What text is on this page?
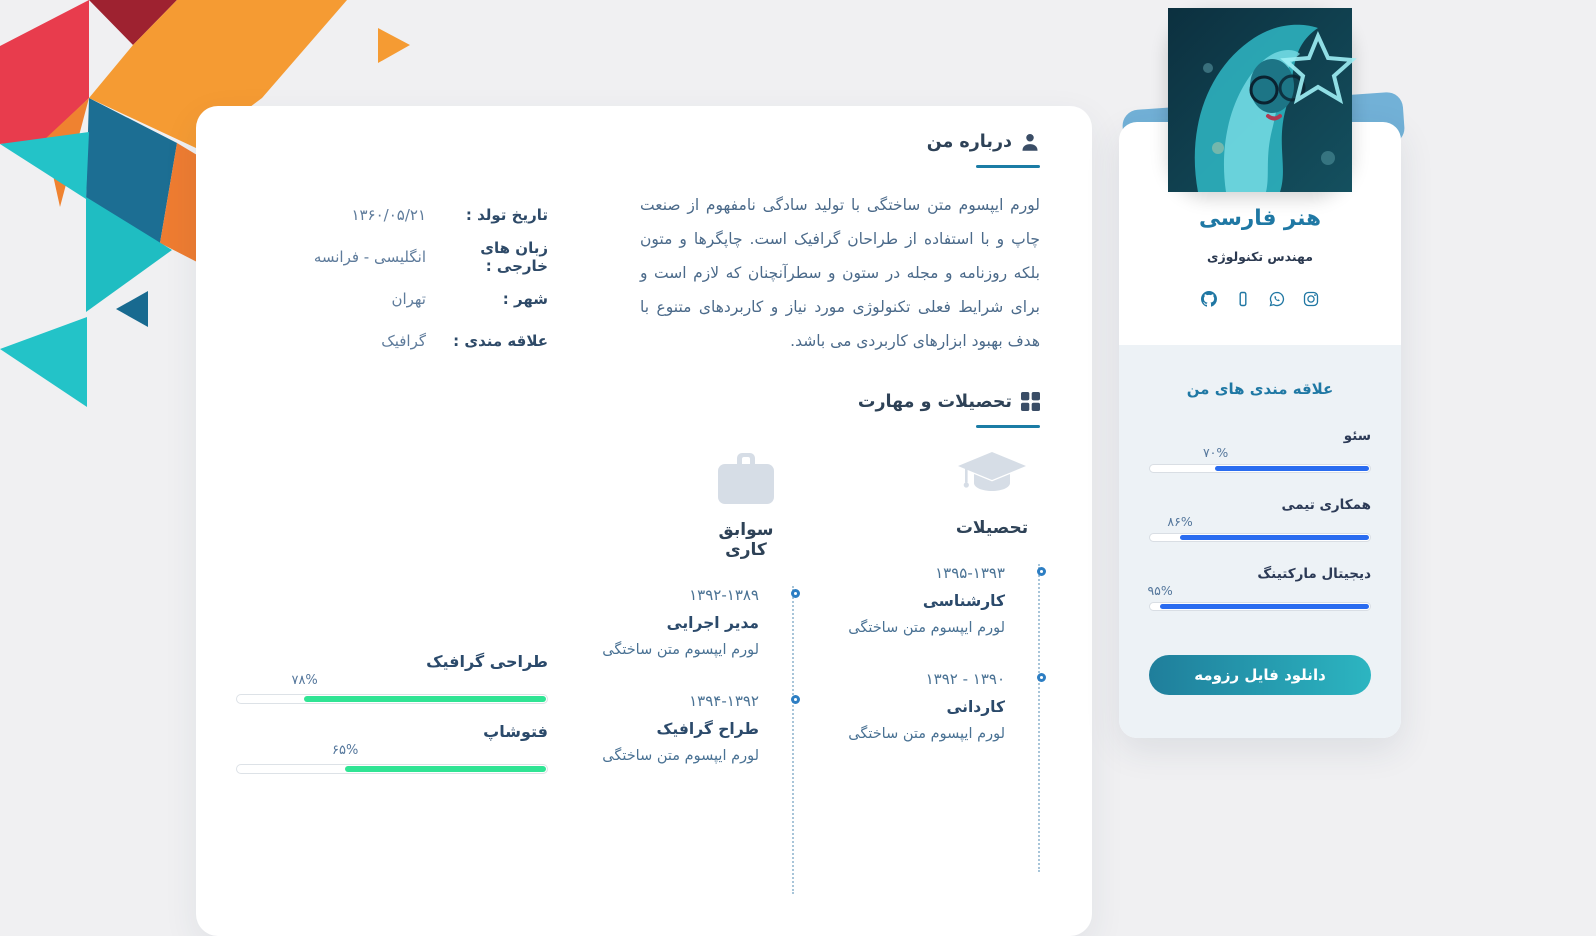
درباره من

لورم ایپسوم متن ساختگی با تولید سادگی نامفهوم از صنعت چاپ و با استفاده از طراحان گرافیک است. چاپگرها و متون بلکه روزنامه و مجله در ستون و سطرآنچنان که لازم است و برای شرایط فعلی تکنولوژی مورد نیاز و کاربردهای متنوع با هدف بهبود ابزارهای کاربردی می باشد.

تاریخ تولد :
۱۳۶۰/۰۵/۲۱
زبان های خارجی :
انگلیسی - فرانسه
شهر :
تهران
علاقه مندی :
گرافیک
تحصیلات و مهارت
تحصیلات
۱۳۹۵-۱۳۹۳
کارشناسی
لورم ایپسوم متن ساختگی
۱۳۹۲ - ۱۳۹۰
کاردانی
لورم ایپسوم متن ساختگی
سوابق کاری
۱۳۹۲-۱۳۸۹
مدیر اجرایی
لورم ایپسوم متن ساختگی
۱۳۹۴-۱۳۹۲
طراح گرافیک
لورم ایپسوم متن ساختگی
طراحی گرافیک
۷۸%
فتوشاپ
۶۵%
هنر فارسی
مهندس تکنولوژی
علاقه مندی های من
سئو
۷۰%
همکاری تیمی
۸۶%
دیجیتال مارکتینگ
۹۵%
دانلود فایل رزومه
